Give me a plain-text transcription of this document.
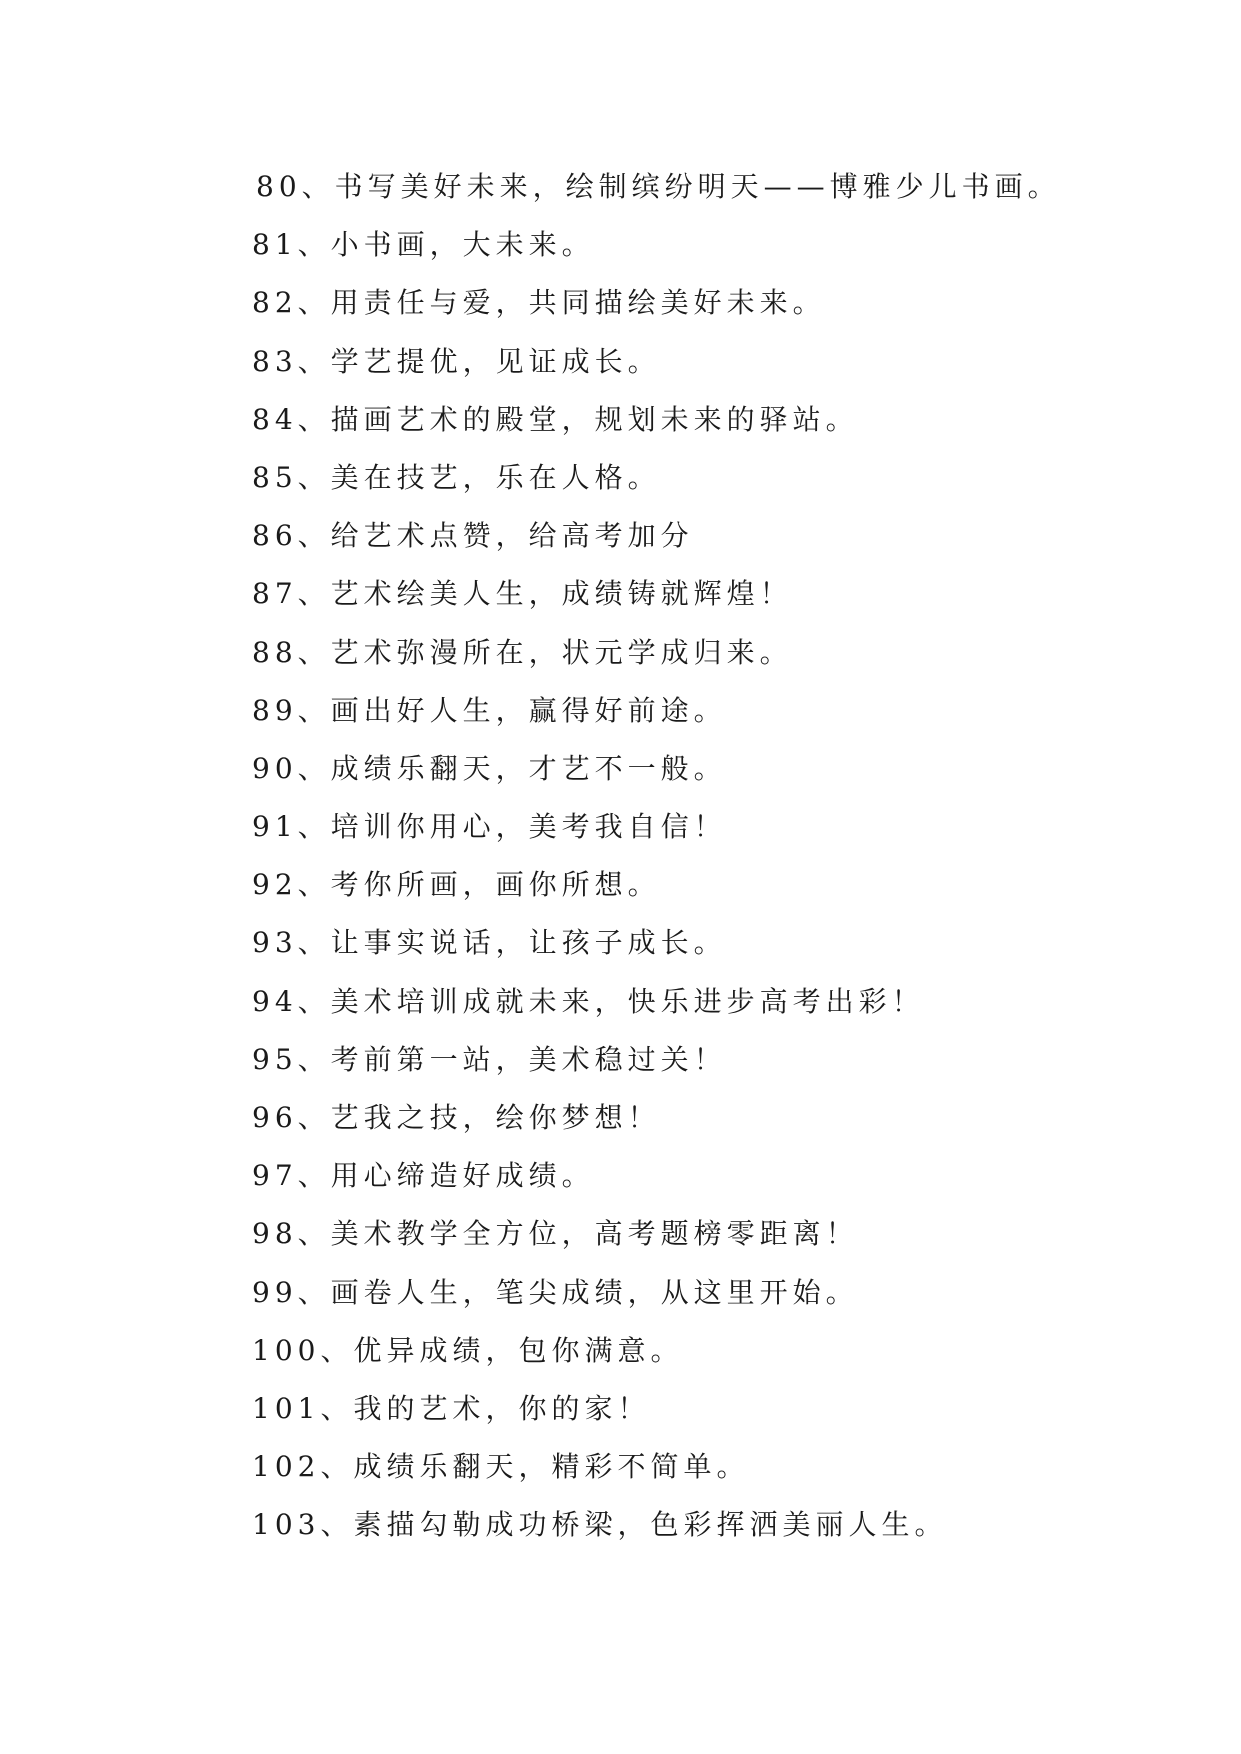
80、书写美好未来，绘制缤纷明天——博雅少儿书画。
81、小书画，大未来。
82、用责任与爱，共同描绘美好未来。
83、学艺提优，见证成长。
84、描画艺术的殿堂，规划未来的驿站。
85、美在技艺，乐在人格。
86、给艺术点赞，给高考加分
87、艺术绘美人生，成绩铸就辉煌！
88、艺术弥漫所在，状元学成归来。
89、画出好人生，赢得好前途。
90、成绩乐翻天，才艺不一般。
91、培训你用心，美考我自信！
92、考你所画，画你所想。
93、让事实说话，让孩子成长。
94、美术培训成就未来，快乐进步高考出彩！
95、考前第一站，美术稳过关！
96、艺我之技，绘你梦想！
97、用心缔造好成绩。
98、美术教学全方位，高考题榜零距离！
99、画卷人生，笔尖成绩，从这里开始。
100、优异成绩，包你满意。
101、我的艺术，你的家！
102、成绩乐翻天，精彩不简单。
103、素描勾勒成功桥梁，色彩挥洒美丽人生。
